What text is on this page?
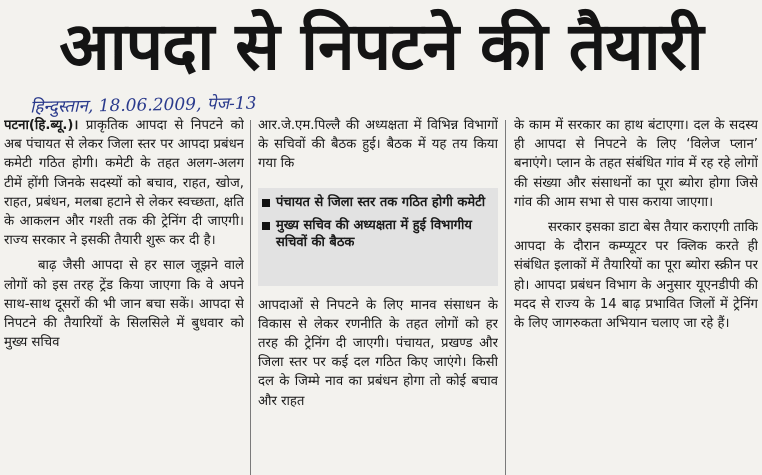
आपदा से निपटने की तैयारी
हिन्दुस्तान, 18.06.2009, पेज-13

पटना(हि.ब्यू.)। प्राकृतिक आपदा से निपटने को अब पंचायत से लेकर जिला स्तर पर आपदा प्रबंधन कमेटी गठित होगी। कमेटी के तहत अलग-अलग टीमें होंगी जिनके सदस्यों को बचाव, राहत, खोज, राहत, प्रबंधन, मलबा हटाने से लेकर स्वच्छता, क्षति के आकलन और गश्ती तक की ट्रेनिंग दी जाएगी। राज्य सरकार ने इसकी तैयारी शुरू कर दी है।

बाढ़ जैसी आपदा से हर साल जूझने वाले लोगों को इस तरह ट्रेंड किया जाएगा कि वे अपने साथ-साथ दूसरों की भी जान बचा सकें। आपदा से निपटने की तैयारियों के सिलसिले में बुधवार को मुख्य सचिव

आर.जे.एम.पिल्लै की अध्यक्षता में विभिन्न विभागों के सचिवों की बैठक हुई। बैठक में यह तय किया गया कि

पंचायत से जिला स्तर तक गठित होगी कमेटी
मुख्य सचिव की अध्यक्षता में हुई विभागीय सचिवों की बैठक

आपदाओं से निपटने के लिए मानव संसाधन के विकास से लेकर रणनीति के तहत लोगों को हर तरह की ट्रेनिंग दी जाएगी। पंचायत, प्रखण्ड और जिला स्तर पर कई दल गठित किए जाएंगे। किसी दल के जिम्मे नाव का प्रबंधन होगा तो कोई बचाव और राहत

के काम में सरकार का हाथ बंटाएगा। दल के सदस्य ही आपदा से निपटने के लिए ‘विलेज प्लान’ बनाएंगे। प्लान के तहत संबंधित गांव में रह रहे लोगों की संख्या और संसाधनों का पूरा ब्योरा होगा जिसे गांव की आम सभा से पास कराया जाएगा।

सरकार इसका डाटा बेस तैयार कराएगी ताकि आपदा के दौरान कम्प्यूटर पर क्लिक करते ही संबंधित इलाकों में तैयारियों का पूरा ब्योरा स्क्रीन पर हो। आपदा प्रबंधन विभाग के अनुसार यूएनडीपी की मदद से राज्य के 14 बाढ़ प्रभावित जिलों में ट्रेनिंग के लिए जागरुकता अभियान चलाए जा रहे हैं।
